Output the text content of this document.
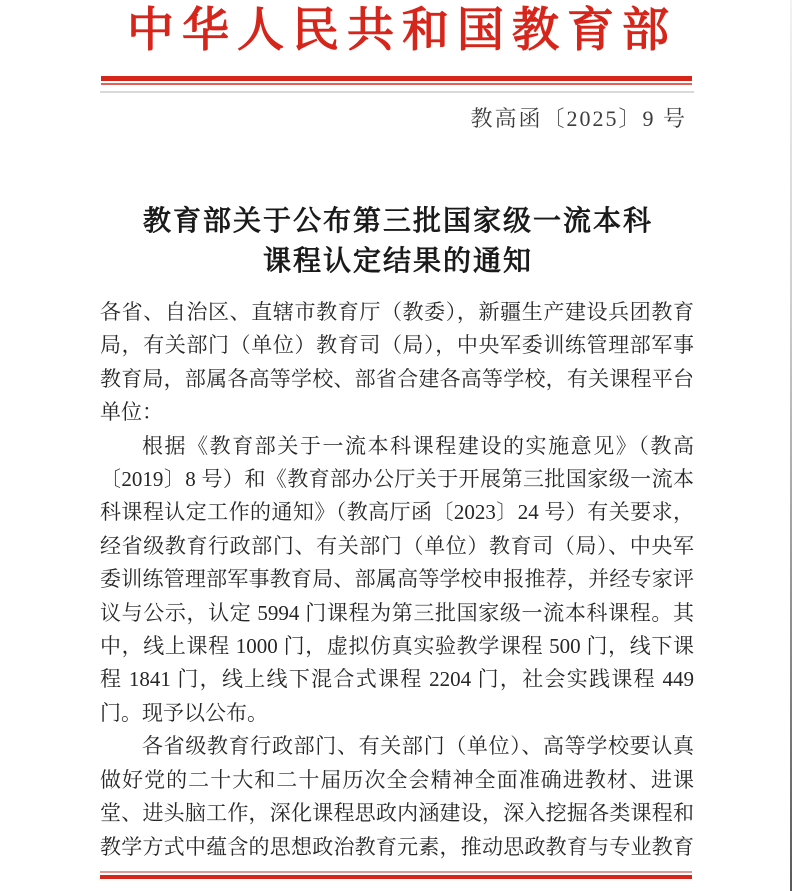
中华人民共和国教育部
教高函〔2025〕9 号
教育部关于公布第三批国家级一流本科
课程认定结果的通知
各省、自治区、直辖市教育厅（教委），新疆生产建设兵团教育
局，有关部门（单位）教育司（局），中央军委训练管理部军事
教育局，部属各高等学校、部省合建各高等学校，有关课程平台
单位：
根据《教育部关于一流本科课程建设的实施意见》（教高
〔2019〕8 号）和《教育部办公厅关于开展第三批国家级一流本
科课程认定工作的通知》（教高厅函〔2023〕24 号）有关要求，
经省级教育行政部门、有关部门（单位）教育司（局）、中央军
委训练管理部军事教育局、部属高等学校申报推荐，并经专家评
议与公示，认定 5994 门课程为第三批国家级一流本科课程。其
中，线上课程 1000 门，虚拟仿真实验教学课程 500 门，线下课
程 1841 门，线上线下混合式课程 2204 门，社会实践课程 449
门。现予以公布。
各省级教育行政部门、有关部门（单位）、高等学校要认真
做好党的二十大和二十届历次全会精神全面准确进教材、进课
堂、进头脑工作，深化课程思政内涵建设，深入挖掘各类课程和
教学方式中蕴含的思想政治教育元素，推动思政教育与专业教育
